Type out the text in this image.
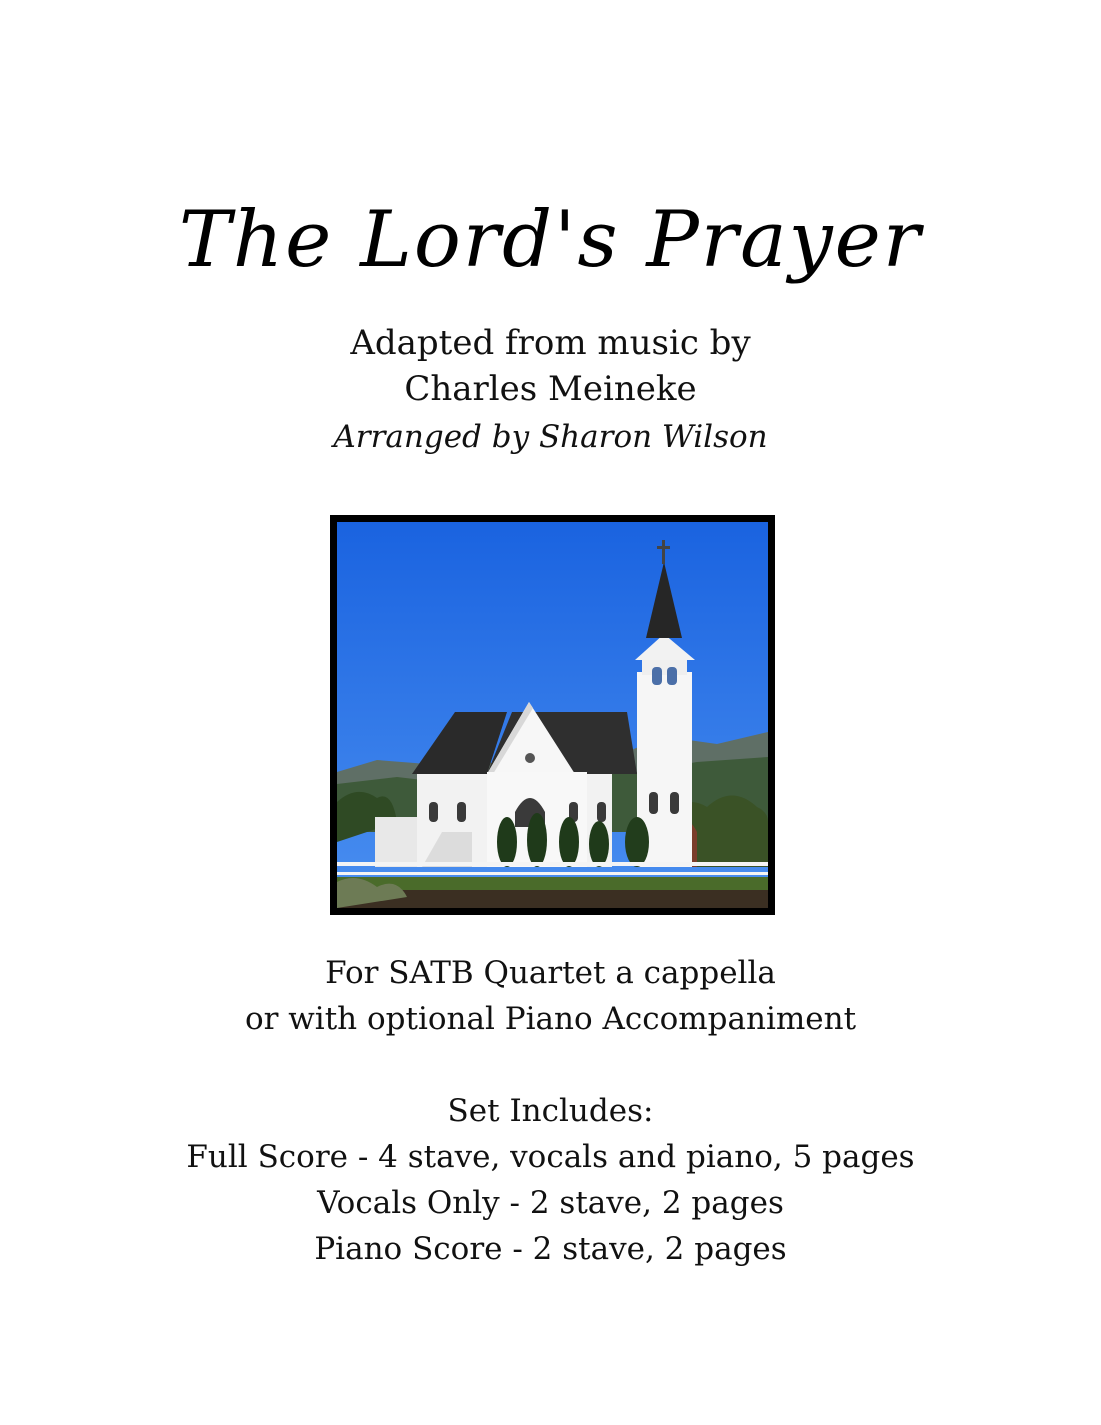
The Lord's Prayer
Adapted from music by
Charles Meineke
Arranged by Sharon Wilson
For SATB Quartet a cappella
or with optional Piano Accompaniment
Set Includes:
Full Score - 4 stave, vocals and piano, 5 pages
Vocals Only - 2 stave, 2 pages
Piano Score - 2 stave, 2 pages
